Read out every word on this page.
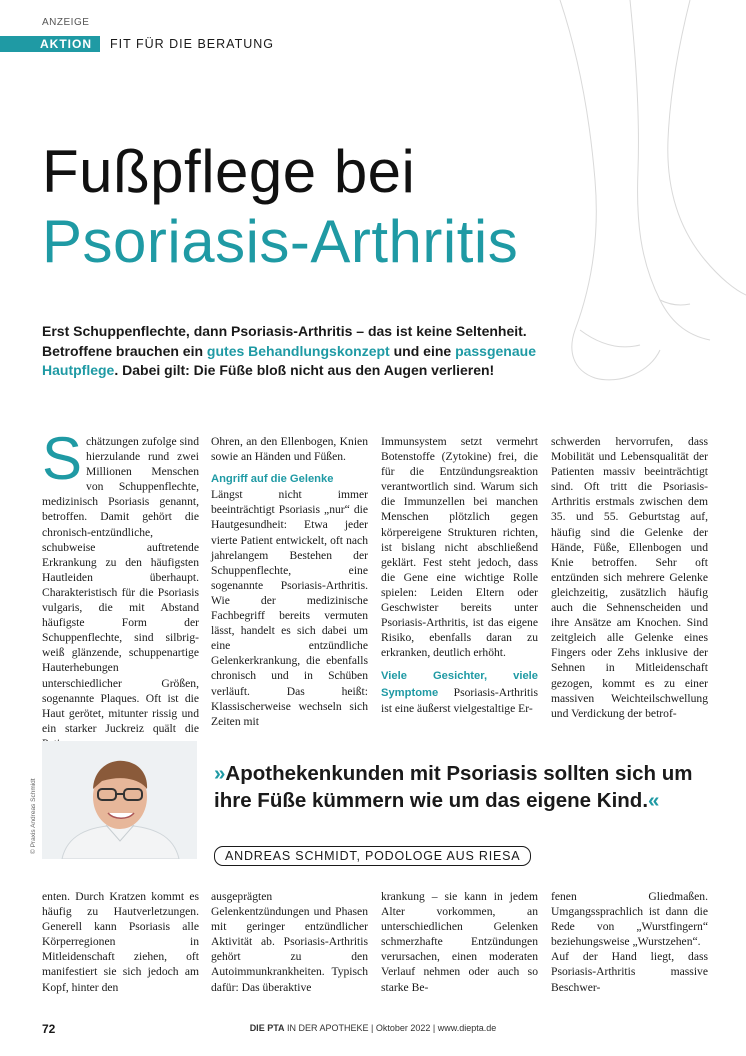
ANZEIGE
AKTION FIT FÜR DIE BERATUNG
Fußpflege bei
Psoriasis-Arthritis
Erst Schuppenflechte, dann Psoriasis-Arthritis – das ist keine Seltenheit. Betroffene brauchen ein gutes Behandlungskonzept und eine passgenaue Hautpflege. Dabei gilt: Die Füße bloß nicht aus den Augen verlieren!
S chätzungen zufolge sind hierzulande rund zwei Millionen Menschen von Schuppenflechte, medizinisch Psoriasis genannt, betroffen. Damit gehört die chronisch-entzündliche, schubweise auftretende Erkrankung zu den häufigsten Hautleiden überhaupt. Charakteristisch für die Psoriasis vulgaris, die mit Abstand häufigste Form der Schuppenflechte, sind silbrig-weiß glänzende, schuppenartige Hauterhebungen unterschiedlicher Größen, sogenannte Plaques. Oft ist die Haut gerötet, mitunter rissig und ein starker Juckreiz quält die

Ohren, an den Ellenbogen, Knien sowie an Händen und Füßen.

Angriff auf die Gelenke

Längst nicht immer beeinträchtigt Psoriasis „nur“ die Hautgesundheit: Etwa jeder vierte Patient entwickelt, oft nach jahrelangem Bestehen der Schuppenflechte, eine sogenannte Psoriasis-Arthritis. Wie der medizinische Fachbegriff bereits vermuten lässt, handelt es sich dabei um eine entzündliche Gelenkerkrankung, die ebenfalls chronisch und in Schüben verläuft. Das heißt: Klassischerweise wechseln sich Zeiten mit

Immunsystem setzt vermehrt Botenstoffe (Zytokine) frei, die für die Entzündungsreaktion verantwortlich sind. Warum sich die Immunzellen bei manchen Menschen plötzlich gegen körpereigene Strukturen richten, ist bislang nicht abschließend geklärt. Fest steht jedoch, dass die Gene eine wichtige Rolle spielen: Leiden Eltern oder Geschwister bereits unter Psoriasis-Arthritis, ist das eigene Risiko, ebenfalls daran zu erkranken, deutlich erhöht.

Viele Gesichter, viele Symptome Psoriasis-Arthritis ist eine äußerst vielgestaltige Er-

schwerden hervorrufen, dass Mobilität und Lebensqualität der Patienten massiv beeinträchtigt sind. Oft tritt die Psoriasis-Arthritis erstmals zwischen dem 35. und 55. Geburtstag auf, häufig sind die Gelenke der Hände, Füße, Ellenbogen und Knie betroffen. Sehr oft entzünden sich mehrere Gelenke gleichzeitig, zusätzlich häufig auch die Sehnenscheiden und ihre Ansätze am Knochen. Sind zeitgleich alle Gelenke eines Fingers oder Zehs inklusive der Sehnen in Mitleidenschaft gezogen, kommt es zu einer massiven Weichteilschwellung und Verdickung der betrof-

© Praxis Andreas Schmidt
»Apothekenkunden mit Psoriasis sollten sich um ihre Füße kümmern wie um das eigene Kind.«
ANDREAS SCHMIDT, PODOLOGE AUS RIESA

enten. Durch Kratzen kommt es häufig zu Hautverletzungen. Generell kann Psoriasis alle Körperregionen in Mitleidenschaft ziehen, oft manifestiert sie sich jedoch am Kopf, hinter den

ausgeprägten Gelenkentzündungen und Phasen mit geringer entzündlicher Aktivität ab. Psoriasis-Arthritis gehört zu den Autoimmunkrankheiten. Typisch dafür: Das überaktive

krankung – sie kann in jedem Alter vorkommen, an unterschiedlichen Gelenken schmerzhafte Entzündungen verursachen, einen moderaten Verlauf nehmen oder auch so starke Be-

fenen Gliedmaßen. Umgangssprachlich ist dann die Rede von „Wurstfingern“ beziehungsweise „Wurstzehen“.

Auf der Hand liegt, dass Psoriasis-Arthritis massive Beschwer-

72	DIE PTA IN DER APOTHEKE | Oktober 2022 | www.diepta.de
